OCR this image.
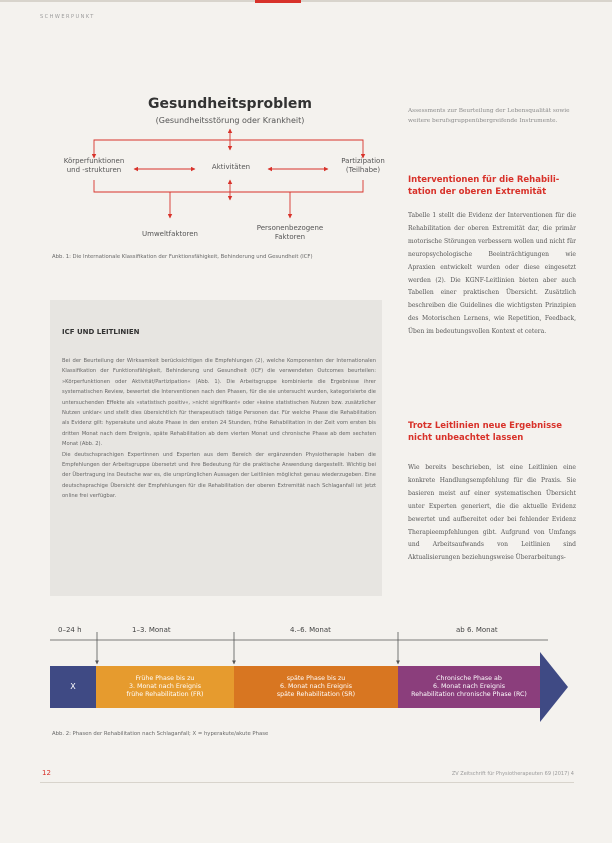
SCHWERPUNKT
Gesundheitsproblem
(Gesundheitsstörung oder Krankheit)
Körperfunktionen
und -strukturen	Aktivitäten
Partizipation
(Teilhabe)
Umweltfaktoren
Personenbezogene
Faktoren
Abb. 1: Die Internationale Klassifikation der Funktionsfähigkeit, Behinderung und Gesundheit (ICF)
ICF UND LEITLINIEN

Bei der Beurteilung der Wirksamkeit berücksichtigen die Empfehlungen (2), welche Komponenten der Internationalen Klassifikation der Funktionsfähigkeit, Behinderung und Gesundheit (ICF) die verwendeten Outcomes beurteilen: »Körperfunktionen oder Aktivität/Partizipation« (Abb. 1). Die Arbeitsgruppe kombinierte die Ergebnisse ihrer systematischen Review, bewertet die Interventionen nach den Phasen, für die sie untersucht wurden, kategorisierte die untersuchenden Effekte als »statistisch positiv«, »nicht signifikant« oder »keine statistischen Nutzen bzw. zusätzlicher Nutzen unklar« und stellt dies übersichtlich für therapeutisch tätige Personen dar. Für welche Phase die Rehabilitation als Evidenz gilt: hyperakute und akute Phase in den ersten 24 Stunden, frühe Rehabilitation in der Zeit vom ersten bis dritten Monat nach dem Ereignis, späte Rehabilitation ab dem vierten Monat und chronische Phase ab dem sechsten Monat (Abb. 2).

Die deutschsprachigen Expertinnen und Experten aus dem Bereich der ergänzenden Physiotherapie haben die Empfehlungen der Arbeitsgruppe übersetzt und ihre Bedeutung für die praktische Anwendung dargestellt. Wichtig bei der Übertragung ins Deutsche war es, die ursprünglichen Aussagen der Leitlinien möglichst genau wiederzugeben. Eine deutschsprachige Übersicht der Empfehlungen für die Rehabilitation der oberen Extremität nach Schlaganfall ist jetzt online frei verfügbar.

Assessments zur Beurteilung der Lebensqualität sowie weitere berufsgruppenübergreifende Instrumente.
Interventionen für die Rehabili-
tation der oberen Extremität

Tabelle 1 stellt die Evidenz der Interventionen für die Rehabilitation der oberen Extremität dar, die primär motorische Störungen verbessern wollen und nicht für neuropsychologische Beeinträchtigungen wie Apraxien entwickelt wurden oder diese eingesetzt werden (2). Die KGNF-Leitlinien bieten aber auch Tabellen einer praktischen Übersicht. Zusätzlich beschreiben die Guidelines die wichtigsten Prinzipien des Motorischen Lernens, wie Repetition, Feedback, Üben im bedeutungsvollen Kontext et cetera.

Trotz Leitlinien neue Ergebnisse
nicht unbeachtet lassen

Wie bereits beschrieben, ist eine Leitlinien eine konkrete Handlungsempfehlung für die Praxis. Sie basieren meist auf einer systematischen Übersicht unter Experten generiert, die die aktuelle Evidenz bewertet und aufbereitet oder bei fehlender Evidenz Therapieempfehlungen gibt. Aufgrund von Umfangs und Arbeitsaufwands von Leitlinien sind Aktualisierungen beziehungsweise Überarbeitungs-

0–24 h	1–3. Monat	4.–6. Monat	ab 6. Monat
X
Frühe Phase bis zu
3. Monat nach Ereignis
frühe Rehabilitation (FR)
späte Phase bis zu
6. Monat nach Ereignis
späte Rehabilitation (SR)
Chronische Phase ab
6. Monat nach Ereignis
Rehabilitation chronische Phase (RC)
Abb. 2: Phasen der Rehabilitation nach Schlaganfall; X = hyperakute/akute Phase
12	ZV Zeitschrift für Physiotherapeuten 69 (2017) 4
